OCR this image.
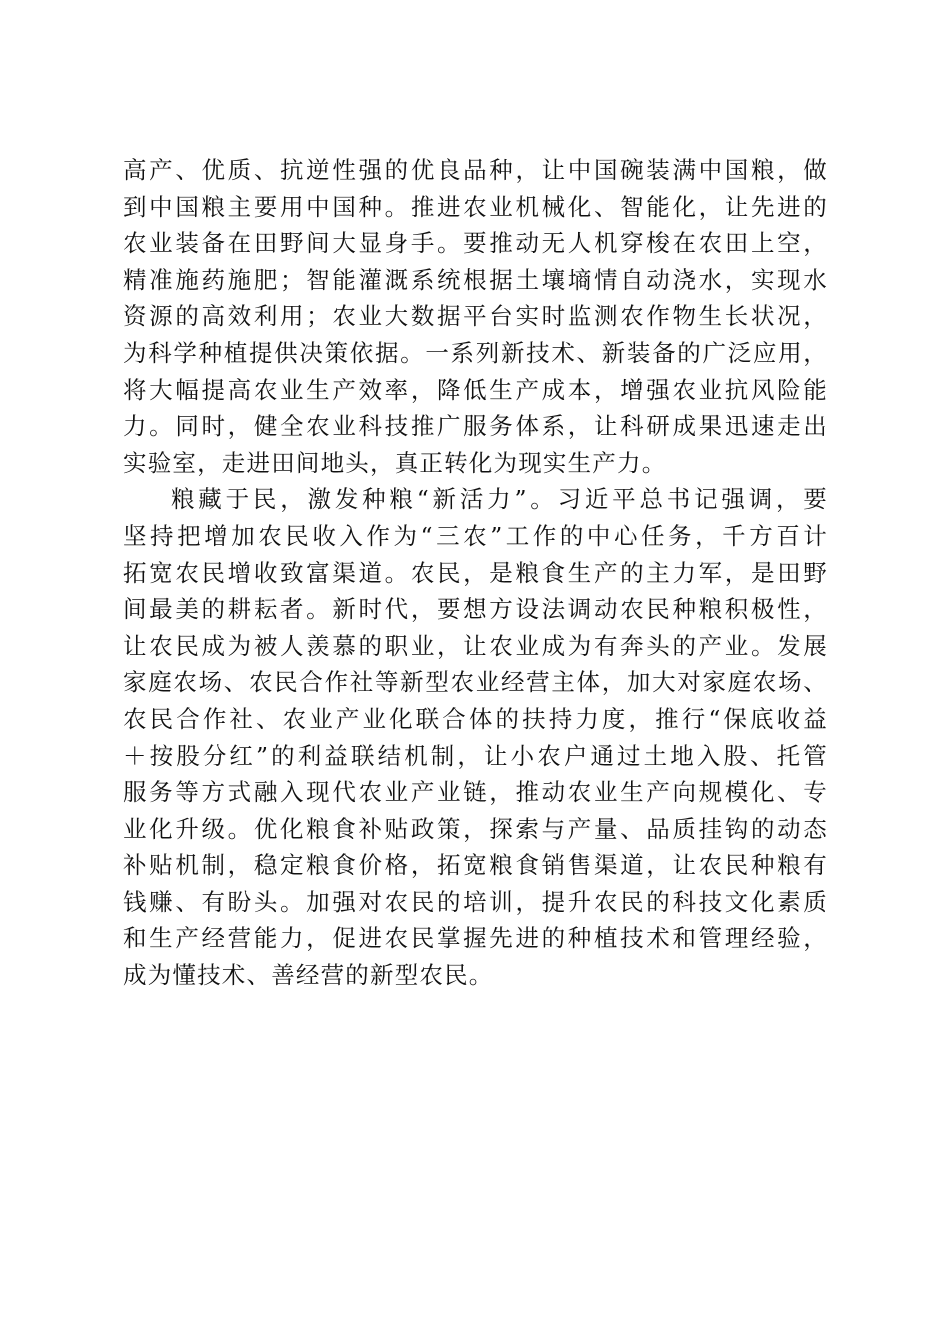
高产、优质、抗逆性强的优良品种，让中国碗装满中国粮，做
到中国粮主要用中国种。推进农业机械化、智能化，让先进的
农业装备在田野间大显身手。要推动无人机穿梭在农田上空，
精准施药施肥；智能灌溉系统根据土壤墒情自动浇水，实现水
资源的高效利用；农业大数据平台实时监测农作物生长状况，
为科学种植提供决策依据。一系列新技术、新装备的广泛应用，
将大幅提高农业生产效率，降低生产成本，增强农业抗风险能
力。同时，健全农业科技推广服务体系，让科研成果迅速走出
实验室，走进田间地头，真正转化为现实生产力。
粮藏于民，激发种粮“新活力”。习近平总书记强调，要
坚持把增加农民收入作为“三农”工作的中心任务，千方百计
拓宽农民增收致富渠道。农民，是粮食生产的主力军，是田野
间最美的耕耘者。新时代，要想方设法调动农民种粮积极性，
让农民成为被人羡慕的职业，让农业成为有奔头的产业。发展
家庭农场、农民合作社等新型农业经营主体，加大对家庭农场、
农民合作社、农业产业化联合体的扶持力度，推行“保底收益
＋按股分红”的利益联结机制，让小农户通过土地入股、托管
服务等方式融入现代农业产业链，推动农业生产向规模化、专
业化升级。优化粮食补贴政策，探索与产量、品质挂钩的动态
补贴机制，稳定粮食价格，拓宽粮食销售渠道，让农民种粮有
钱赚、有盼头。加强对农民的培训，提升农民的科技文化素质
和生产经营能力，促进农民掌握先进的种植技术和管理经验，
成为懂技术、善经营的新型农民。
